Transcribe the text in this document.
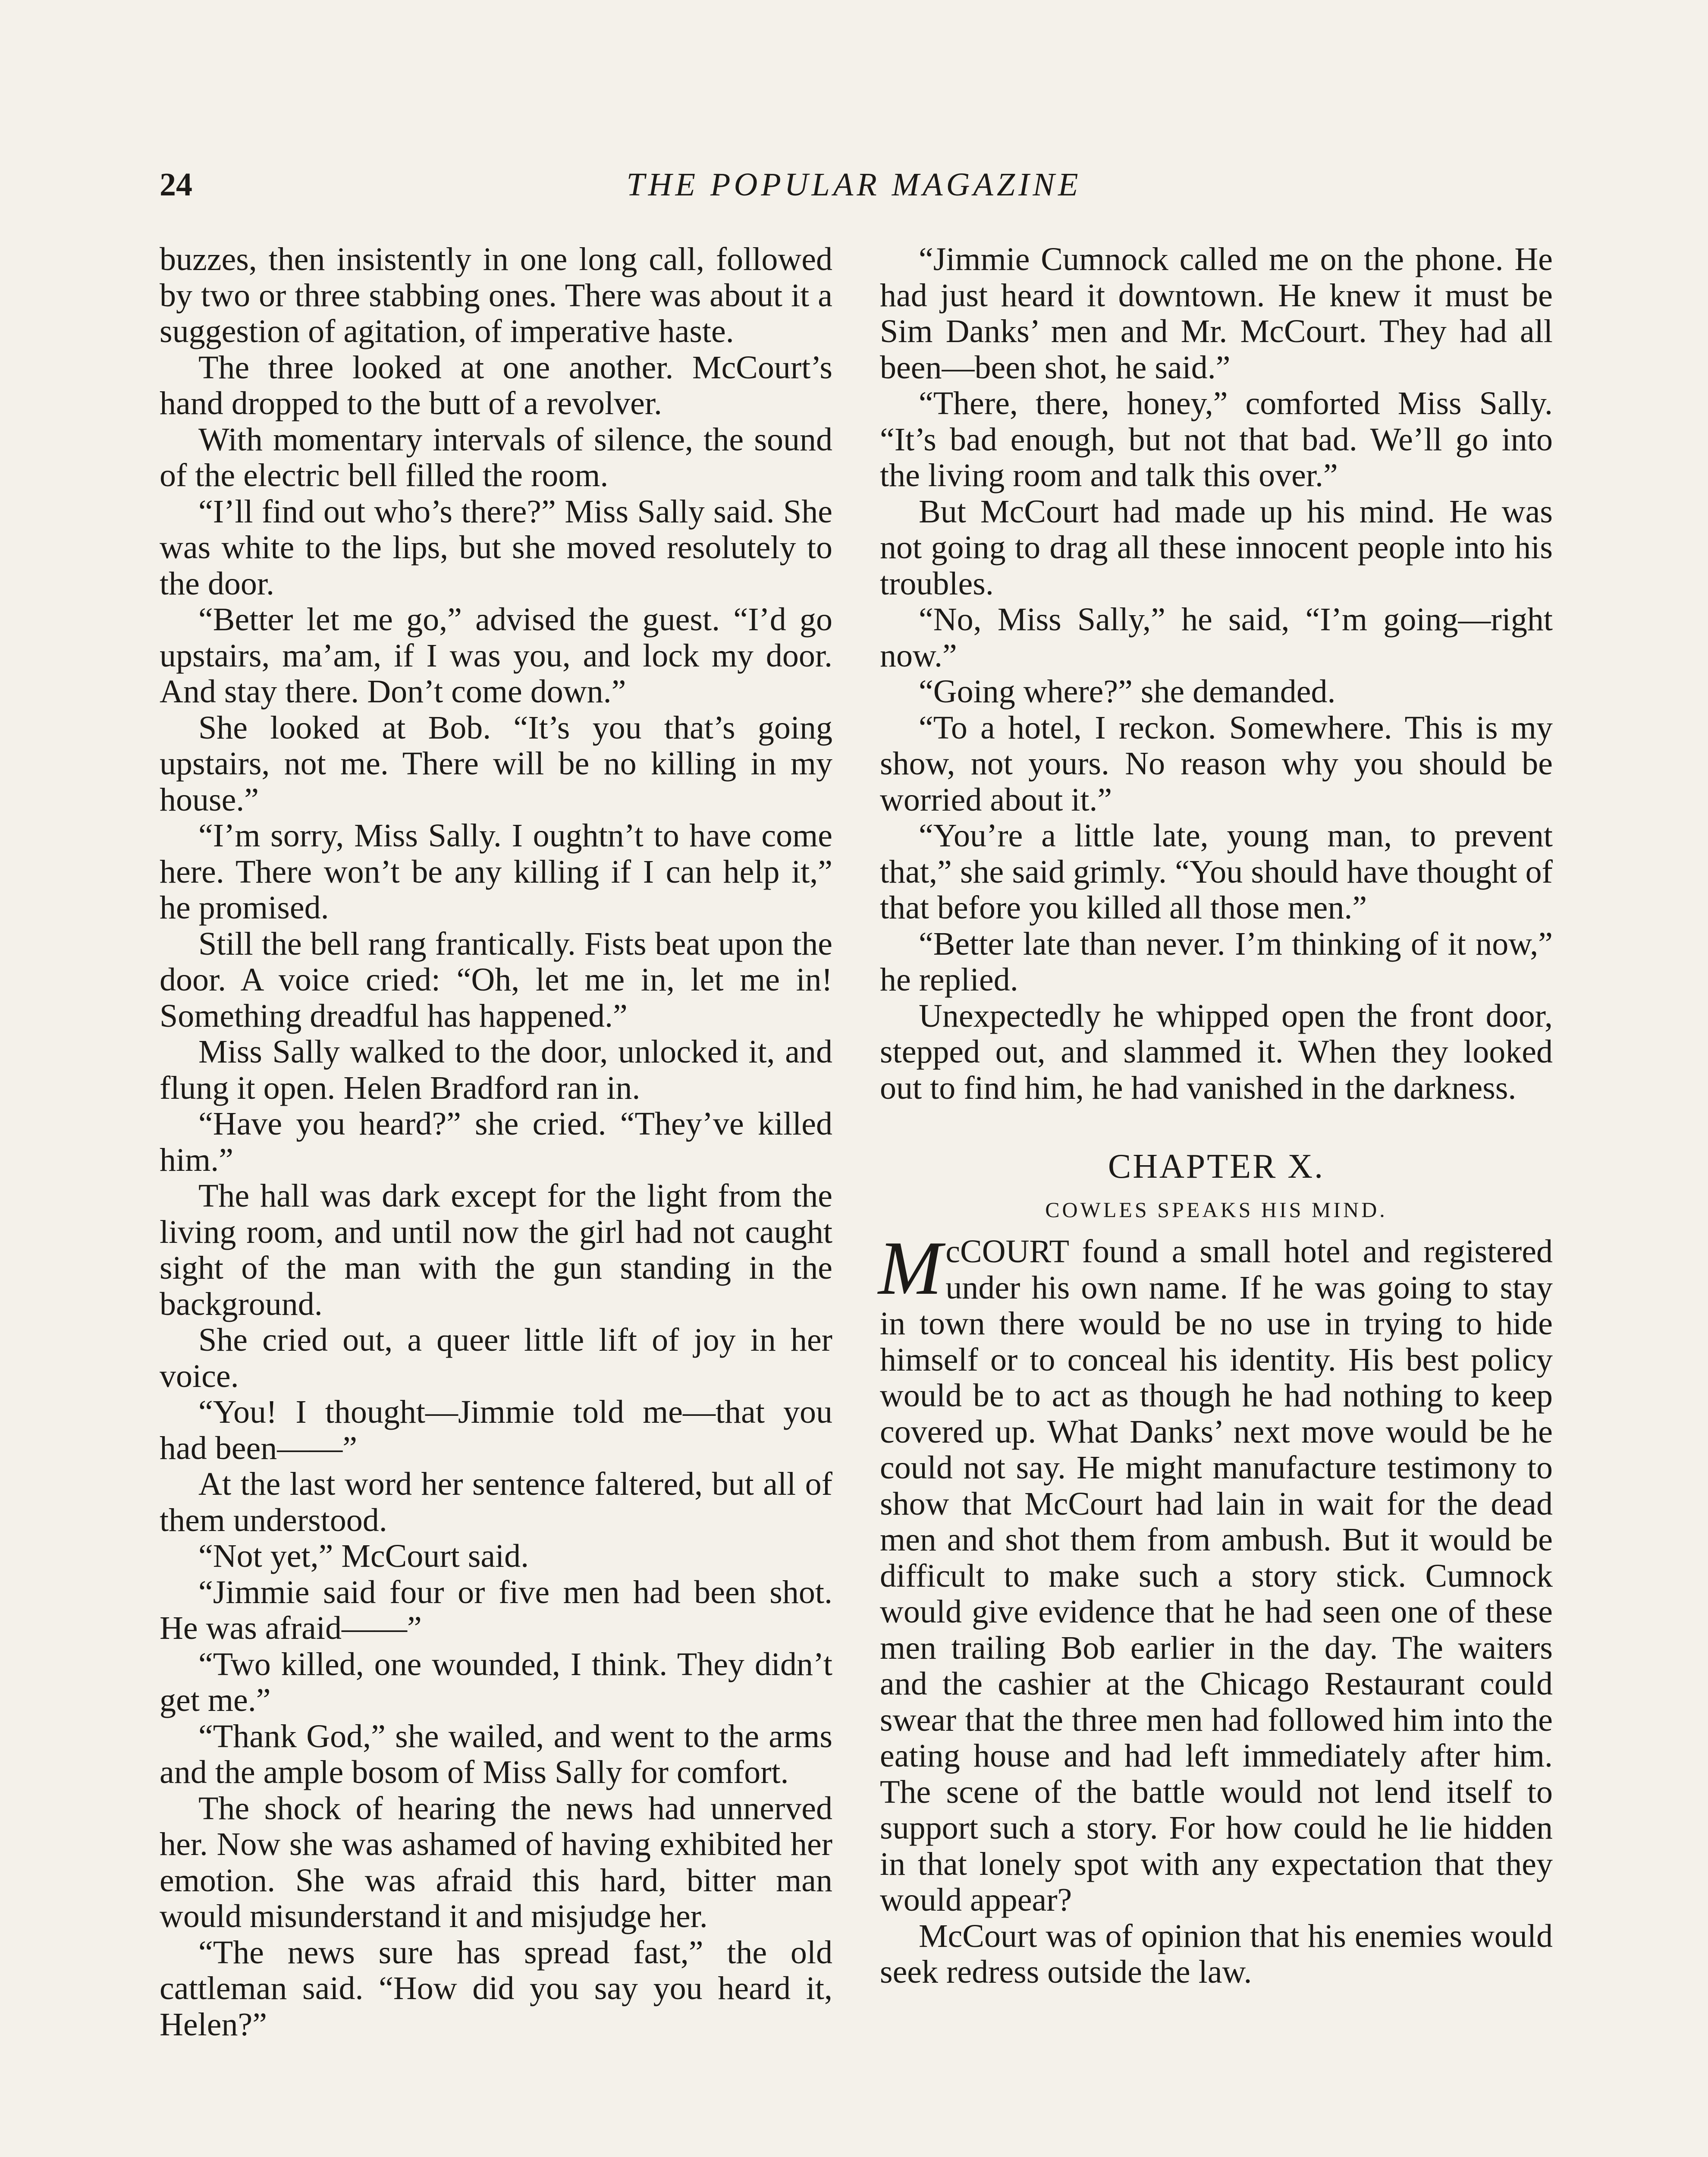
24	THE POPULAR MAGAZINE

buzzes, then insistently in one long call, followed by two or three stabbing ones. There was about it a suggestion of agitation, of imperative haste.

The three looked at one another. McCourt’s hand dropped to the butt of a revolver.

With momentary intervals of silence, the sound of the electric bell filled the room.

“I’ll find out who’s there?” Miss Sally said. She was white to the lips, but she moved resolutely to the door.

“Better let me go,” advised the guest. “I’d go upstairs, ma’am, if I was you, and lock my door. And stay there. Don’t come down.”

She looked at Bob. “It’s you that’s going upstairs, not me. There will be no killing in my house.”

“I’m sorry, Miss Sally. I oughtn’t to have come here. There won’t be any killing if I can help it,” he promised.

Still the bell rang frantically. Fists beat upon the door. A voice cried: “Oh, let me in, let me in! Something dreadful has happened.”

Miss Sally walked to the door, unlocked it, and flung it open. Helen Bradford ran in.

“Have you heard?” she cried. “They’ve killed him.”

The hall was dark except for the light from the living room, and until now the girl had not caught sight of the man with the gun standing in the background.

She cried out, a queer little lift of joy in her voice.

“You! I thought—Jimmie told me—that you had been——”

At the last word her sentence faltered, but all of them understood.

“Not yet,” McCourt said.

“Jimmie said four or five men had been shot. He was afraid——”

“Two killed, one wounded, I think. They didn’t get me.”

“Thank God,” she wailed, and went to the arms and the ample bosom of Miss Sally for comfort.

The shock of hearing the news had unnerved her. Now she was ashamed of having exhibited her emotion. She was afraid this hard, bitter man would misunderstand it and misjudge her.

“The news sure has spread fast,” the old cattleman said. “How did you say you heard it, Helen?”

“Jimmie Cumnock called me on the phone. He had just heard it downtown. He knew it must be Sim Danks’ men and Mr. McCourt. They had all been—been shot, he said.”

“There, there, honey,” comforted Miss Sally. “It’s bad enough, but not that bad. We’ll go into the living room and talk this over.”

But McCourt had made up his mind. He was not going to drag all these innocent people into his troubles.

“No, Miss Sally,” he said, “I’m going—right now.”

“Going where?” she demanded.

“To a hotel, I reckon. Somewhere. This is my show, not yours. No reason why you should be worried about it.”

“You’re a little late, young man, to prevent that,” she said grimly. “You should have thought of that before you killed all those men.”

“Better late than never. I’m thinking of it now,” he replied.

Unexpectedly he whipped open the front door, stepped out, and slammed it. When they looked out to find him, he had vanished in the darkness.

CHAPTER X.
COWLES SPEAKS HIS MIND.

McCOURT found a small hotel and registered under his own name. If he was going to stay in town there would be no use in trying to hide himself or to conceal his identity. His best policy would be to act as though he had nothing to keep covered up. What Danks’ next move would be he could not say. He might manufacture testimony to show that McCourt had lain in wait for the dead men and shot them from ambush. But it would be difficult to make such a story stick. Cumnock would give evidence that he had seen one of these men trailing Bob earlier in the day. The waiters and the cashier at the Chicago Restaurant could swear that the three men had followed him into the eating house and had left immediately after him. The scene of the battle would not lend itself to support such a story. For how could he lie hidden in that lonely spot with any expectation that they would appear?

McCourt was of opinion that his enemies would seek redress outside the law.
